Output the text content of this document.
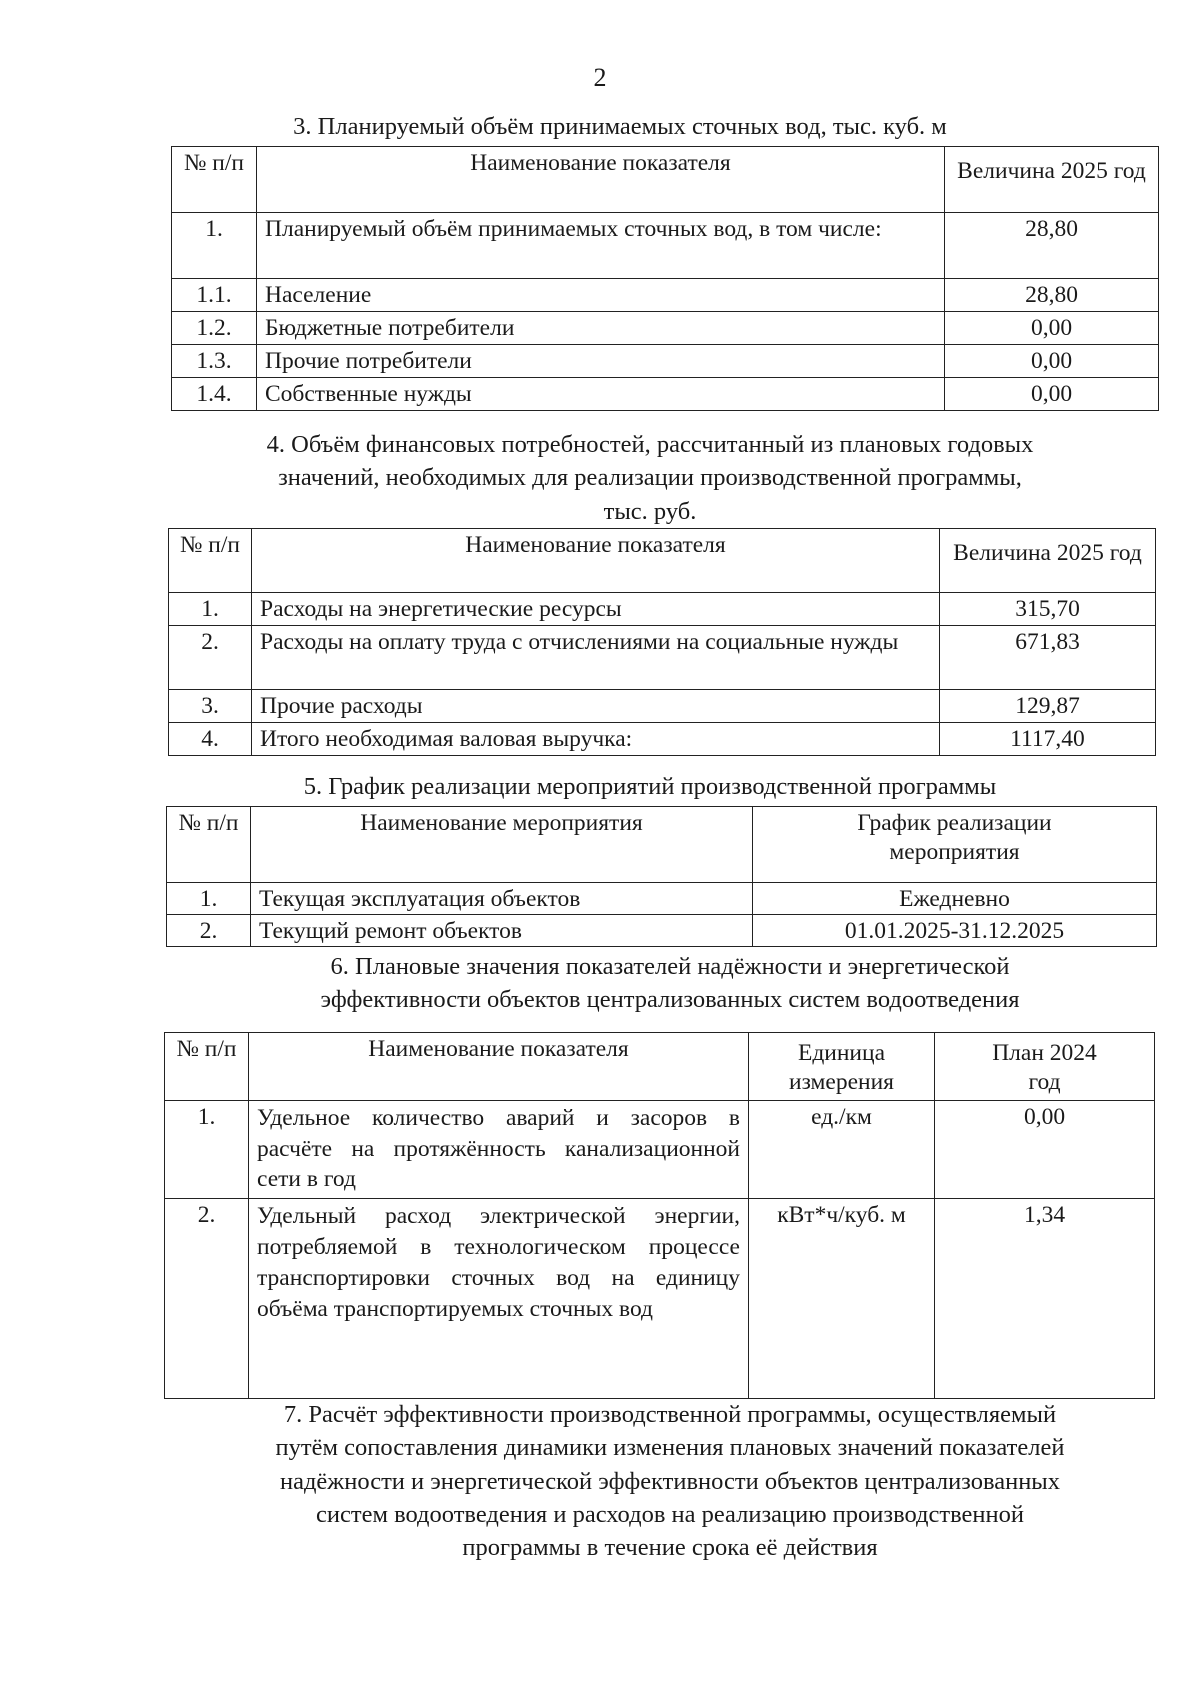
2
3. Планируемый объём принимаемых сточных вод, тыс. куб. м
№ п/п	Наименование показателя	Величина 2025 год
1.	Планируемый объём принимаемых сточных вод, в том числе:	28,80
1.1.	Население	28,80
1.2.	Бюджетные потребители	0,00
1.3.	Прочие потребители	0,00
1.4.	Собственные нужды	0,00
4. Объём финансовых потребностей, рассчитанный из плановых годовых
значений, необходимых для реализации производственной программы,
тыс. руб.
№ п/п	Наименование показателя	Величина 2025 год
1.	Расходы на энергетические ресурсы	315,70
2.	Расходы на оплату труда с отчислениями на социальные нужды	671,83
3.	Прочие расходы	129,87
4.	Итого необходимая валовая выручка:	1117,40
5. График реализации мероприятий производственной программы
№ п/п	Наименование мероприятия	График реализации мероприятия
1.	Текущая эксплуатация объектов	Ежедневно
2.	Текущий ремонт объектов	01.01.2025-31.12.2025
6. Плановые значения показателей надёжности и энергетической
эффективности объектов централизованных систем водоотведения
№ п/п	Наименование показателя	Единица измерения	План 2024 год
1.	Удельное количество аварий и засоров в расчёте на протяжённость канализационной сети в год	ед./км	0,00
2.	Удельный расход электрической энергии, потребляемой в технологическом процессе транспортировки сточных вод на единицу объёма транспортируемых сточных вод	кВт*ч/куб. м	1,34
7. Расчёт эффективности производственной программы, осуществляемый
путём сопоставления динамики изменения плановых значений показателей
надёжности и энергетической эффективности объектов централизованных
систем водоотведения и расходов на реализацию производственной
программы в течение срока её действия
